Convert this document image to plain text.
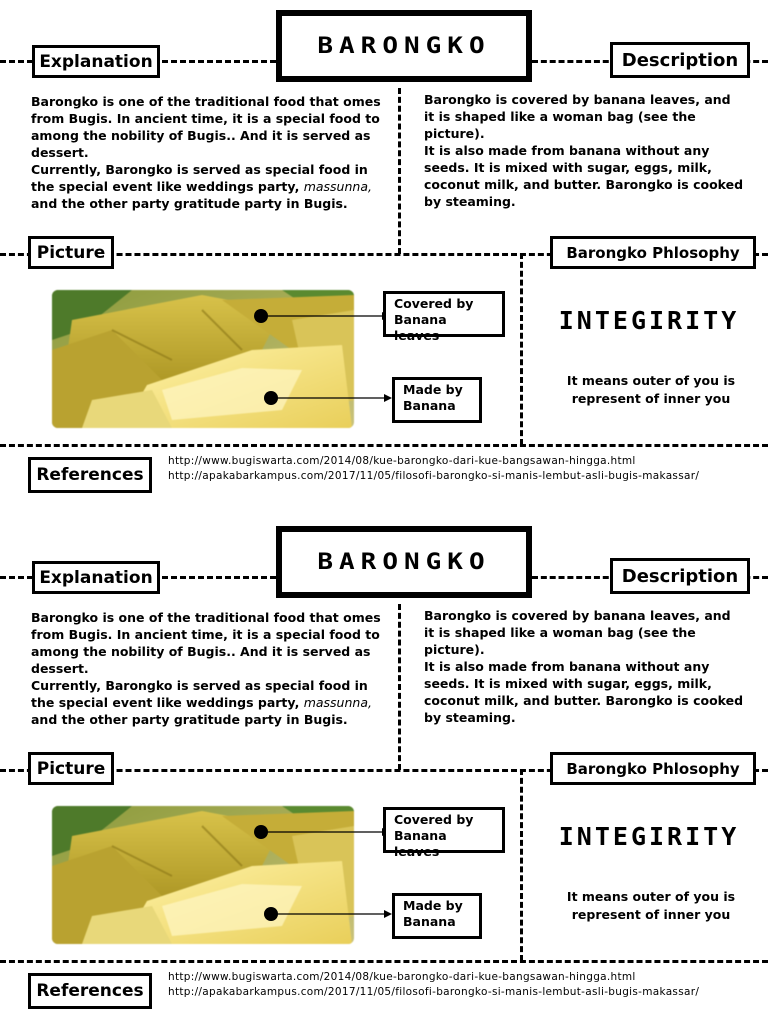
BARONGKO
Explanation	Description
Picture	Barongko Phlosophy
References

Barongko is one of the traditional food that omes from Bugis. In ancient time, it is a special food to among the nobility of Bugis.. And it is served as dessert.

Currently, Barongko is served as special food in the special event like weddings party, massunna, and the other party gratitude party in Bugis.

Barongko is covered by banana leaves, and it is shaped like a woman bag (see the picture).

It is also made from banana without any seeds. It is mixed with sugar, eggs, milk, coconut milk, and butter. Barongko is cooked by steaming.

Covered by Banana leaves
Made by Banana
INTEGIRITY
It means outer of you is represent of inner you
http://www.bugiswarta.com/2014/08/kue-barongko-dari-kue-bangsawan-hingga.html
http://apakabarkampus.com/2017/11/05/filosofi-barongko-si-manis-lembut-asli-bugis-makassar/
BARONGKO
Explanation	Description
Picture	Barongko Phlosophy
References

Barongko is one of the traditional food that omes from Bugis. In ancient time, it is a special food to among the nobility of Bugis.. And it is served as dessert.

Currently, Barongko is served as special food in the special event like weddings party, massunna, and the other party gratitude party in Bugis.

Barongko is covered by banana leaves, and it is shaped like a woman bag (see the picture).

It is also made from banana without any seeds. It is mixed with sugar, eggs, milk, coconut milk, and butter. Barongko is cooked by steaming.

Covered by Banana leaves
Made by Banana
INTEGIRITY
It means outer of you is represent of inner you
http://www.bugiswarta.com/2014/08/kue-barongko-dari-kue-bangsawan-hingga.html
http://apakabarkampus.com/2017/11/05/filosofi-barongko-si-manis-lembut-asli-bugis-makassar/
